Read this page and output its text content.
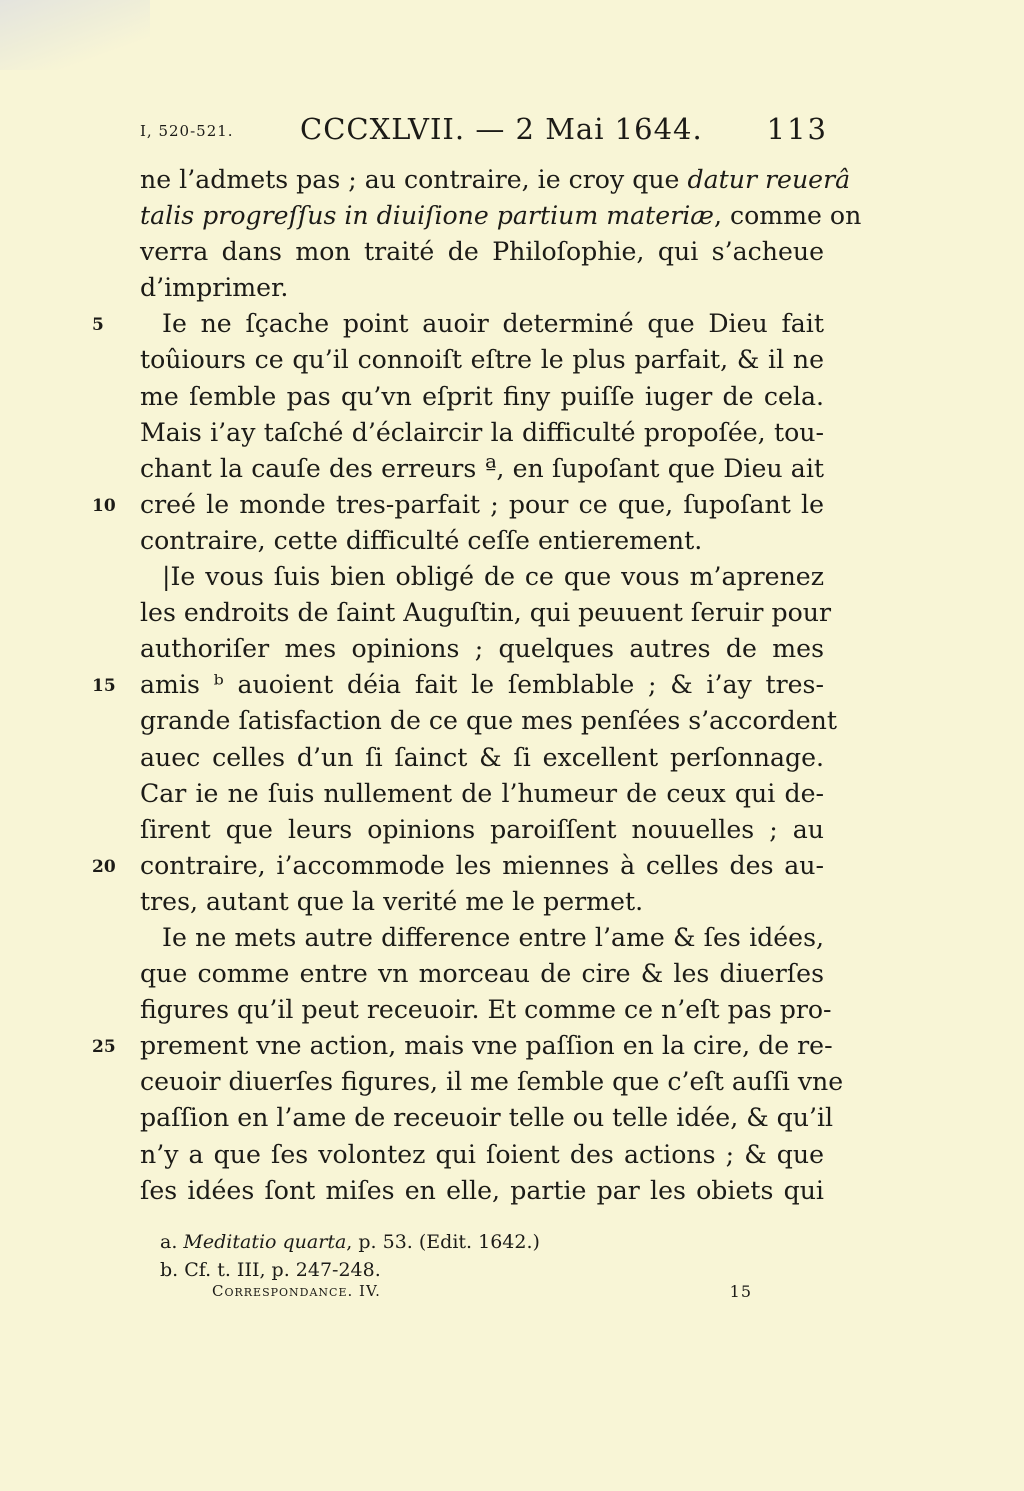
I, 520-521. CCCXLVII. — 2 Mai 1644. 113
ne l’admets pas ; au contraire, ie croy que datur reuerâ
talis progreſſus in diuiſione partium materiæ, comme on
verra dans mon traité de Philoſophie, qui s’acheue
d’imprimer.
5	Ie ne ſçache point auoir determiné que Dieu fait
toûiours ce qu’il connoiſt eſtre le plus parfait, & il ne
me ſemble pas qu’vn eſprit finy puiſſe iuger de cela.
Mais i’ay taſché d’éclaircir la difficulté propoſée, tou-
chant la cauſe des erreurs ª, en ſupoſant que Dieu ait
10 creé le monde tres-parfait ; pour ce que, ſupoſant le
contraire, cette difficulté ceſſe entierement.
|Ie vous ſuis bien obligé de ce que vous m’aprenez
les endroits de ſaint Auguſtin, qui peuuent ſeruir pour
authoriſer mes opinions ; quelques autres de mes
15 amis ᵇ auoient déia fait le ſemblable ; & i’ay tres-
grande ſatisfaction de ce que mes penſées s’accordent
auec celles d’un ſi ſainct & ſi excellent perſonnage.
Car ie ne ſuis nullement de l’humeur de ceux qui de-
ſirent que leurs opinions paroiſſent nouuelles ; au
20 contraire, i’accommode les miennes à celles des au-
tres, autant que la verité me le permet.
Ie ne mets autre difference entre l’ame & ſes idées,
que comme entre vn morceau de cire & les diuerſes
figures qu’il peut receuoir. Et comme ce n’eſt pas pro-
25 prement vne action, mais vne paſſion en la cire, de re-
ceuoir diuerſes figures, il me ſemble que c’eſt auſſi vne
paſſion en l’ame de receuoir telle ou telle idée, & qu’il
n’y a que ſes volontez qui ſoient des actions ; & que
ſes idées ſont miſes en elle, partie par les obiets qui
a. Meditatio quarta, p. 53. (Edit. 1642.)
b. Cf. t. III, p. 247-248.
Correspondance. IV.	15
